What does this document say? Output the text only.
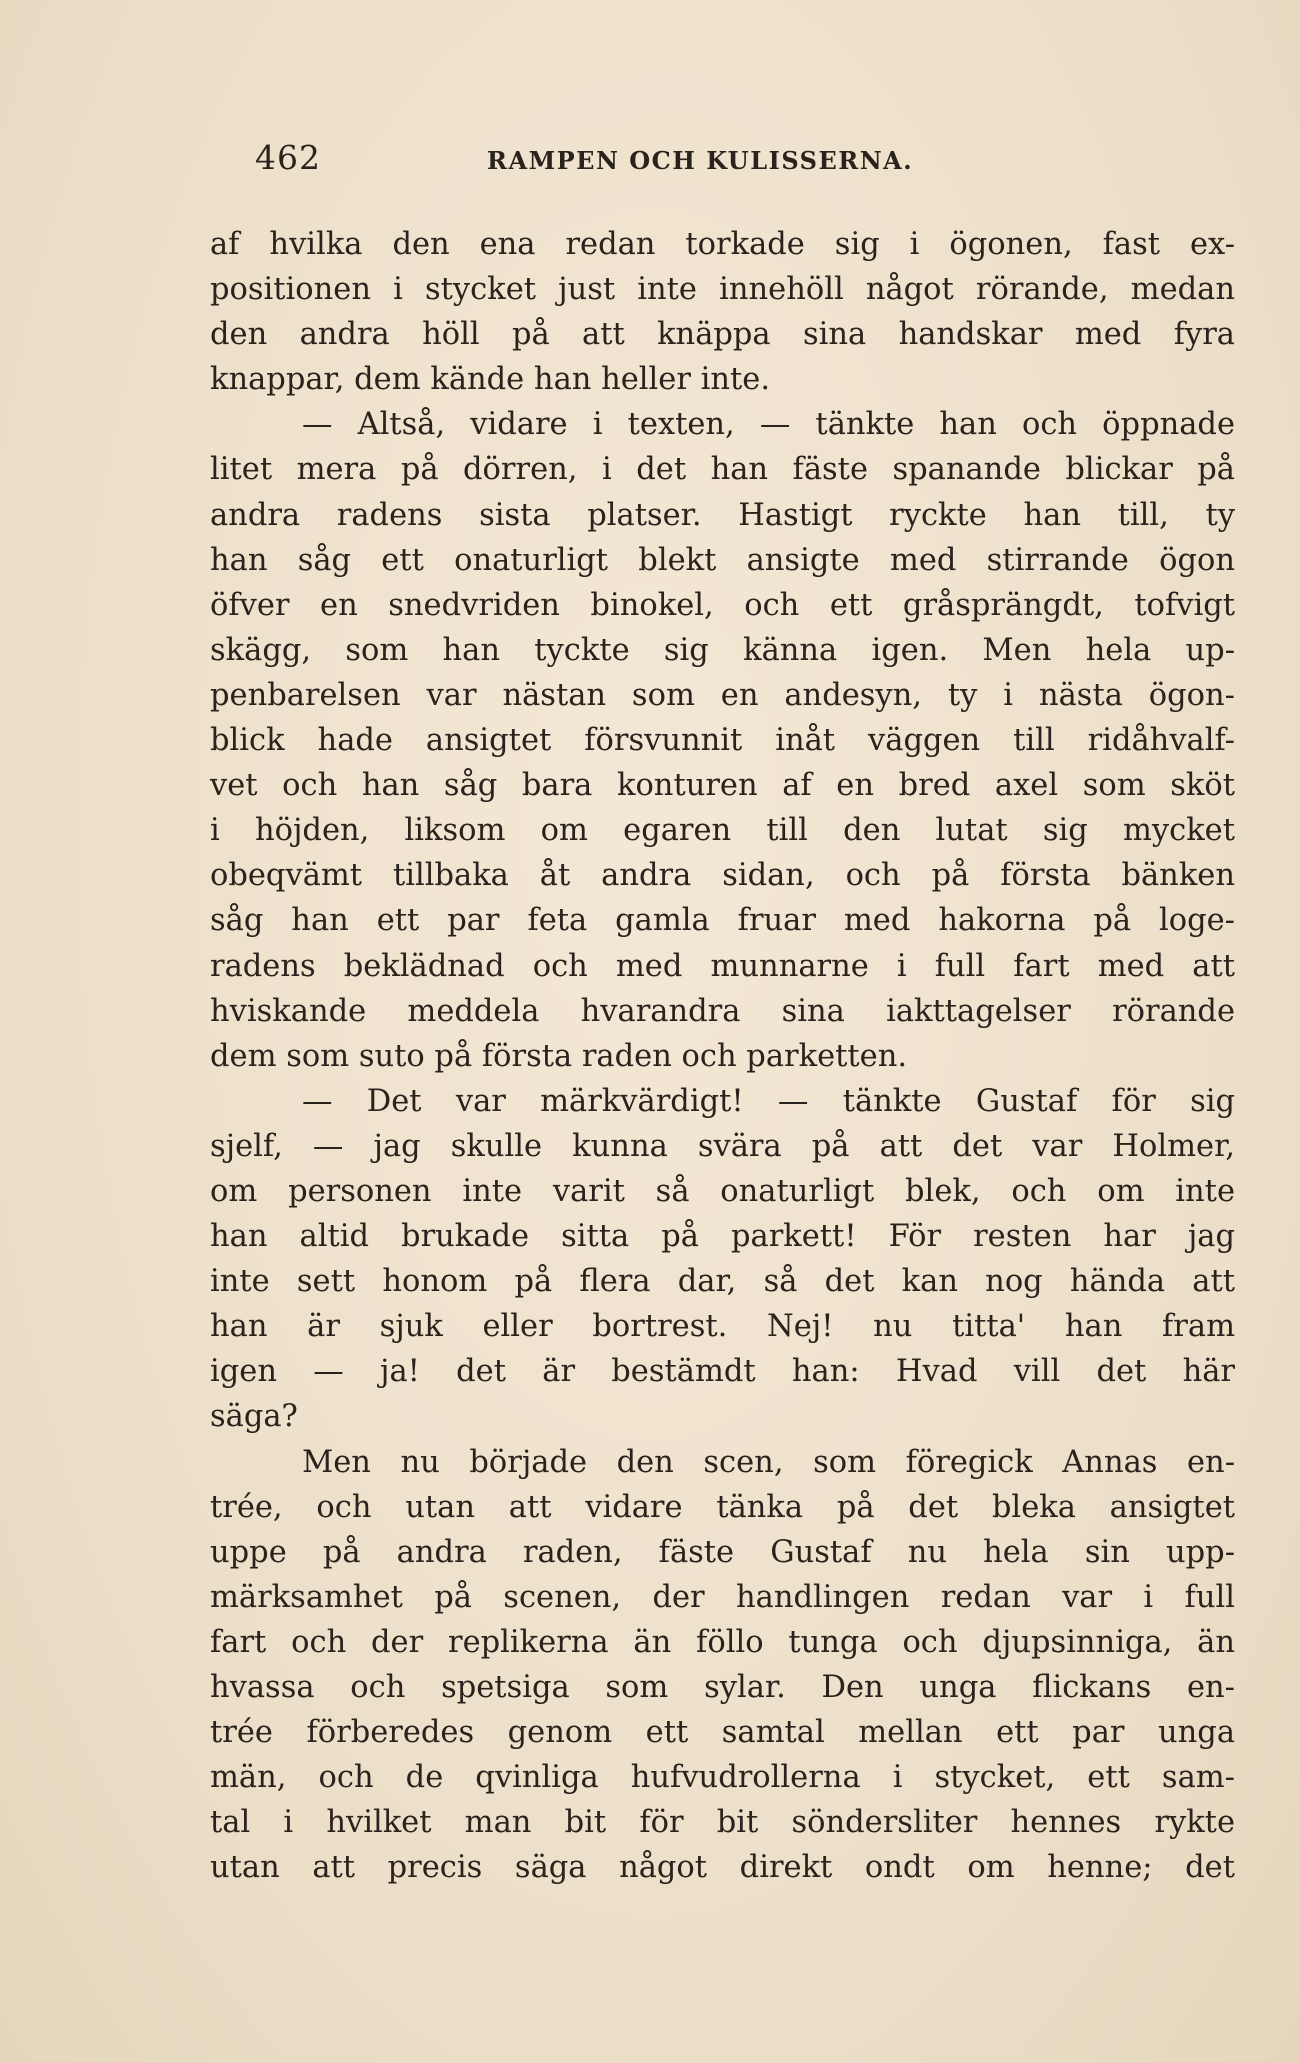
462	RAMPEN OCH KULISSERNA.
af hvilka den ena redan torkade sig i ögonen, fast ex-
positionen i stycket just inte innehöll något rörande, medan
den andra höll på att knäppa sina handskar med fyra
knappar, dem kände han heller inte.
— Altså, vidare i texten, — tänkte han och öppnade
litet mera på dörren, i det han fäste spanande blickar på
andra radens sista platser. Hastigt ryckte han till, ty
han såg ett onaturligt blekt ansigte med stirrande ögon
öfver en snedvriden binokel, och ett gråsprängdt, tofvigt
skägg, som han tyckte sig känna igen. Men hela up-
penbarelsen var nästan som en andesyn, ty i nästa ögon-
blick hade ansigtet försvunnit inåt väggen till ridåhvalf-
vet och han såg bara konturen af en bred axel som sköt
i höjden, liksom om egaren till den lutat sig mycket
obeqvämt tillbaka åt andra sidan, och på första bänken
såg han ett par feta gamla fruar med hakorna på loge-
radens beklädnad och med munnarne i full fart med att
hviskande meddela hvarandra sina iakttagelser rörande
dem som suto på första raden och parketten.
— Det var märkvärdigt! — tänkte Gustaf för sig
sjelf, — jag skulle kunna svära på att det var Holmer,
om personen inte varit så onaturligt blek, och om inte
han altid brukade sitta på parkett! För resten har jag
inte sett honom på flera dar, så det kan nog hända att
han är sjuk eller bortrest. Nej! nu titta' han fram
igen — ja! det är bestämdt han: Hvad vill det här
säga?
Men nu började den scen, som föregick Annas en-
trée, och utan att vidare tänka på det bleka ansigtet
uppe på andra raden, fäste Gustaf nu hela sin upp-
märksamhet på scenen, der handlingen redan var i full
fart och der replikerna än föllo tunga och djupsinniga, än
hvassa och spetsiga som sylar. Den unga flickans en-
trée förberedes genom ett samtal mellan ett par unga
män, och de qvinliga hufvudrollerna i stycket, ett sam-
tal i hvilket man bit för bit söndersliter hennes rykte
utan att precis säga något direkt ondt om henne; det
